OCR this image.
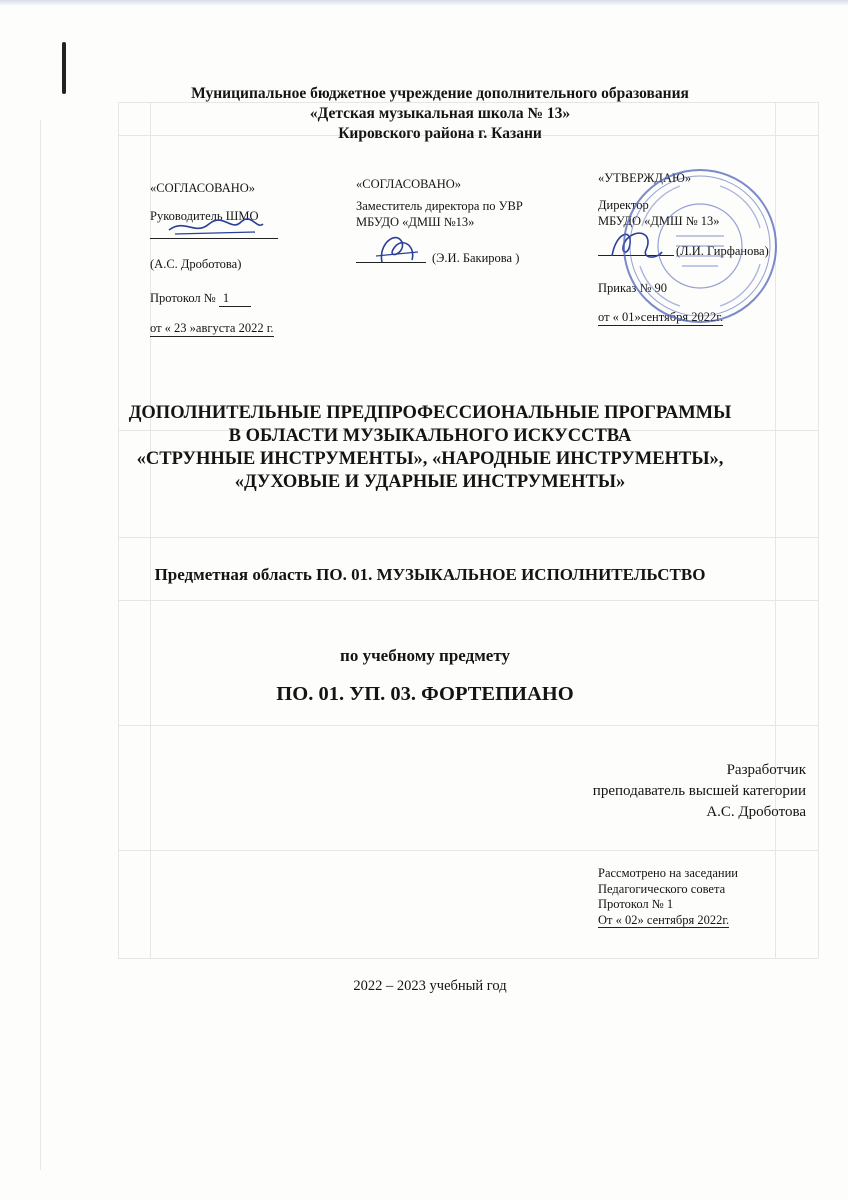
Муниципальное бюджетное учреждение дополнительного образования
«Детская музыкальная школа № 13»
Кировского района г. Казани
«СОГЛАСОВАНО»
Руководитель ШМО
(А.С. Дроботова)
Протокол № 1
от « 23 »августа 2022 г.
«СОГЛАСОВАНО»
Заместитель директора по УВР
МБУДО «ДМШ №13»
(Э.И. Бакирова )
«УТВЕРЖДАЮ»
Директор
МБУДО «ДМШ № 13»
(Л.И. Гирфанова)
Приказ № 90
от « 01»сентября 2022г.
ДОПОЛНИТЕЛЬНЫЕ ПРЕДПРОФЕССИОНАЛЬНЫЕ ПРОГРАММЫ
В ОБЛАСТИ МУЗЫКАЛЬНОГО ИСКУССТВА
«СТРУННЫЕ ИНСТРУМЕНТЫ», «НАРОДНЫЕ ИНСТРУМЕНТЫ»,
«ДУХОВЫЕ И УДАРНЫЕ ИНСТРУМЕНТЫ»
Предметная область ПО. 01. МУЗЫКАЛЬНОЕ ИСПОЛНИТЕЛЬСТВО
по учебному предмету
ПО. 01. УП. 03. ФОРТЕПИАНО
Разработчик
преподаватель высшей категории
А.С. Дроботова
Рассмотрено на заседании
Педагогического совета
Протокол № 1
От « 02» сентября 2022г.
2022 – 2023 учебный год
